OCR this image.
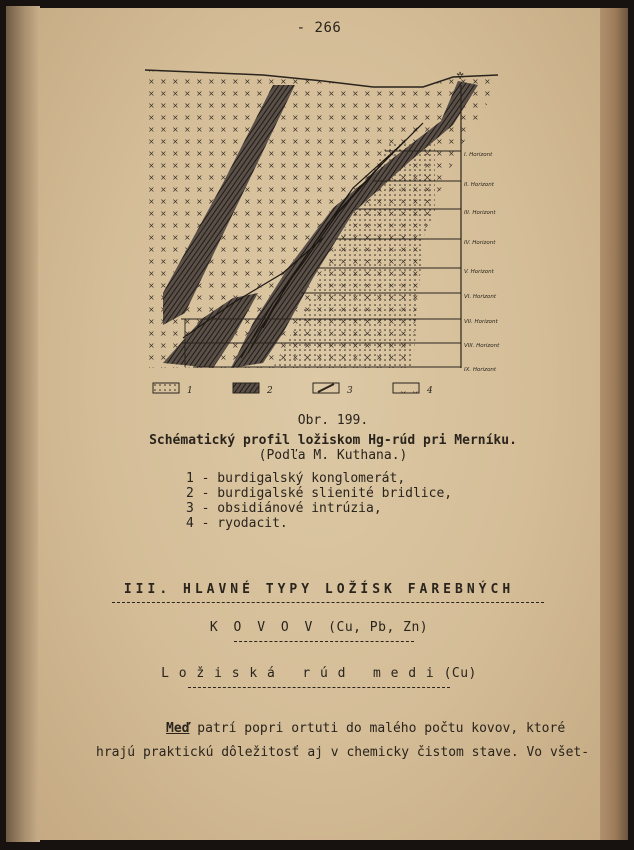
- 266
✲
I. Horizont
II. Horizont
III. Horizont
IV. Horizont
V. Horizont
VI. Horizont
VII. Horizont
VIII. Horizont
IX. Horizont
1	2	3	4
Obr. 199.
Schématický profil ložiskom Hg-rúd pri Merníku.
(Podľa M. Kuthana.)
1 - burdigalský konglomerát,
2 - burdigalské slienité bridlice,
3 - obsidiánové intrúzia,
4 - ryodacit.
III. HLAVNÉ TYPY LOŽÍSK FAREBNÝCH
K O V O V (Cu, Pb, Zn)
L o ž i s k á   r ú d   m e d i (Cu)
Meď patrí popri ortuti do malého počtu kovov, ktoré
hrajú praktickú dôležitosť aj v chemicky čistom stave. Vo všet-
